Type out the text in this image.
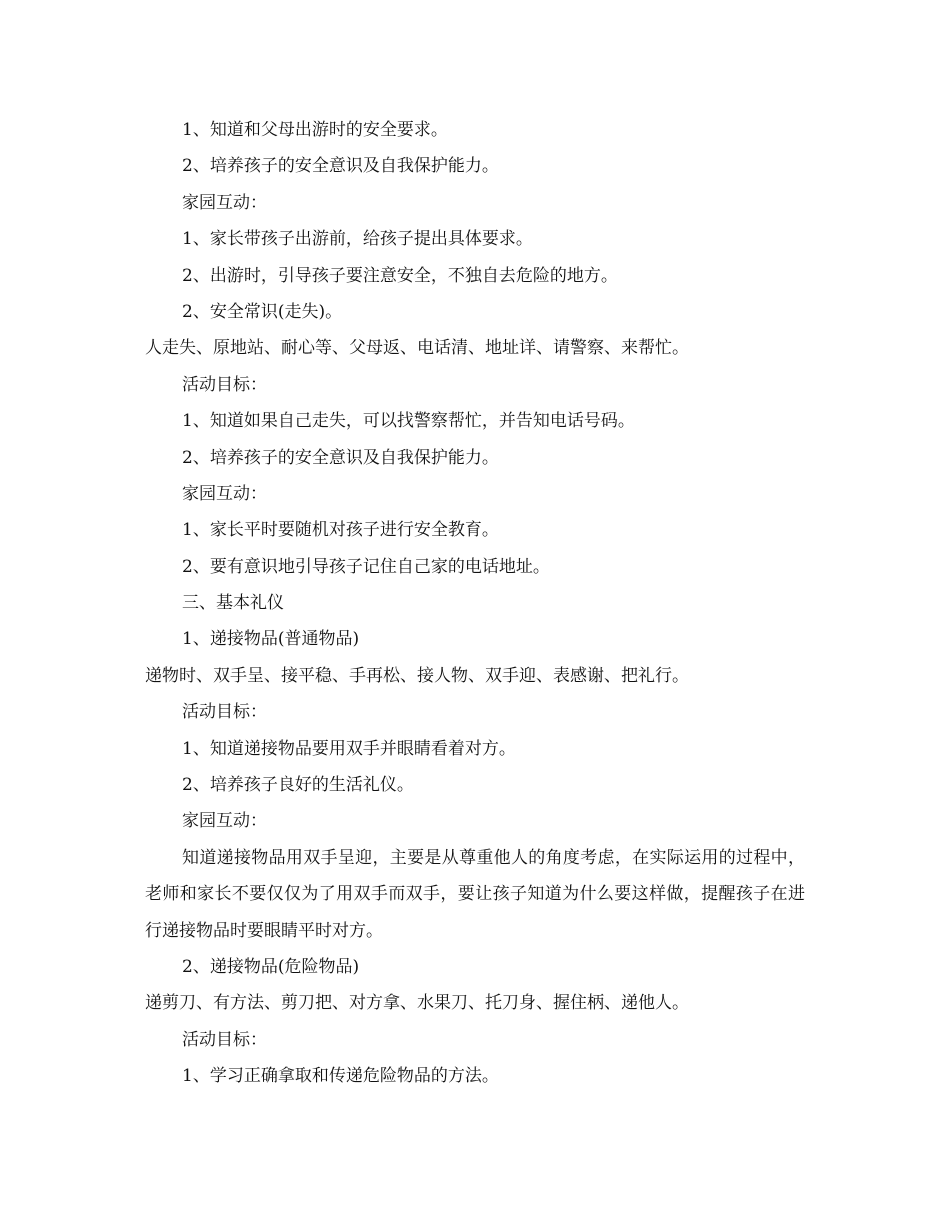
1、知道和父母出游时的安全要求。
2、培养孩子的安全意识及自我保护能力。
家园互动：
1、家长带孩子出游前，给孩子提出具体要求。
2、出游时，引导孩子要注意安全，不独自去危险的地方。
2、安全常识(走失)。
人走失、原地站、耐心等、父母返、电话清、地址详、请警察、来帮忙。
活动目标：
1、知道如果自己走失，可以找警察帮忙，并告知电话号码。
2、培养孩子的安全意识及自我保护能力。
家园互动：
1、家长平时要随机对孩子进行安全教育。
2、要有意识地引导孩子记住自己家的电话地址。
三、基本礼仪
1、递接物品(普通物品)
递物时、双手呈、接平稳、手再松、接人物、双手迎、表感谢、把礼行。
活动目标：
1、知道递接物品要用双手并眼睛看着对方。
2、培养孩子良好的生活礼仪。
家园互动：

知道递接物品用双手呈迎，主要是从尊重他人的角度考虑，在实际运用的过程中，老师和家长不要仅仅为了用双手而双手，要让孩子知道为什么要这样做，提醒孩子在进行递接物品时要眼睛平时对方。

2、递接物品(危险物品)
递剪刀、有方法、剪刀把、对方拿、水果刀、托刀身、握住柄、递他人。
活动目标：
1、学习正确拿取和传递危险物品的方法。
